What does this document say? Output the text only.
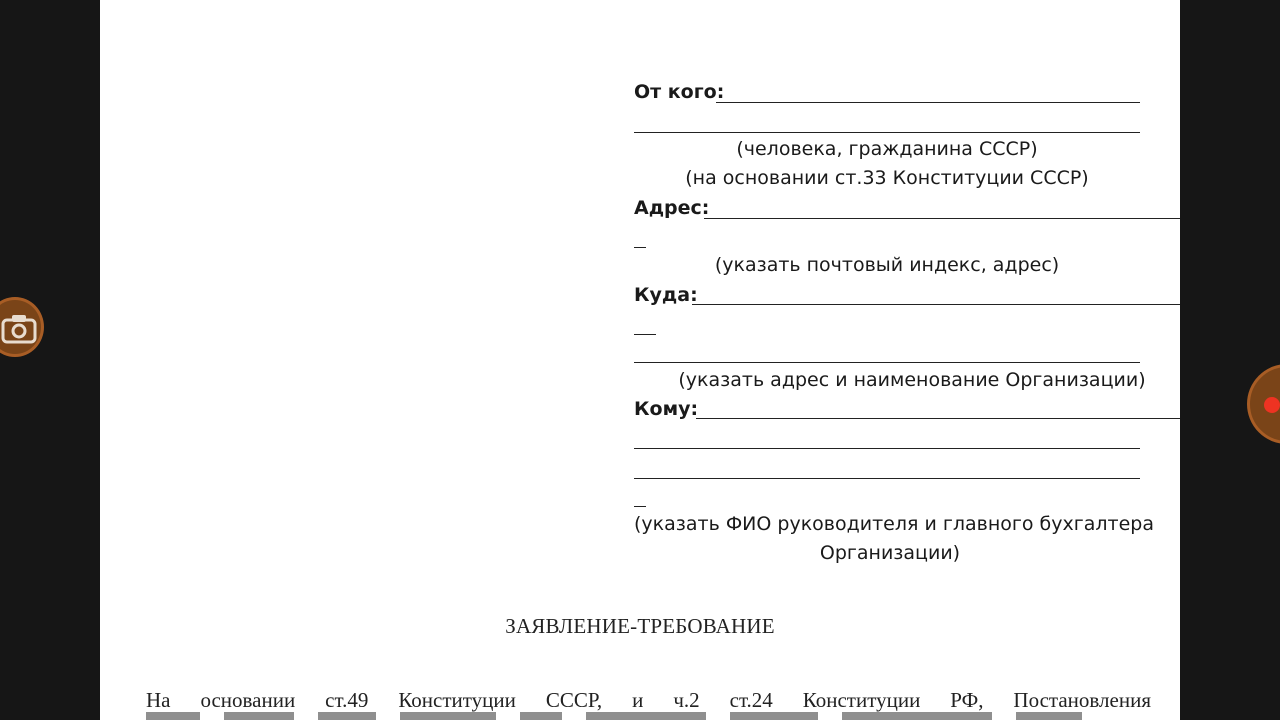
От кого:
(человека, гражданина СССР)
(на основании ст.33 Конституции СССР)
Адрес:
(указать почтовый индекс, адрес)
Куда:
(указать адрес и наименование Организации)
Кому:
(указать ФИО руководителя и главного бухгалтера
Организации)
ЗАЯВЛЕНИЕ-ТРЕБОВАНИЕ
На основании ст.49 Конституции СССР, и ч.2 ст.24 Конституции РФ, Постановления
